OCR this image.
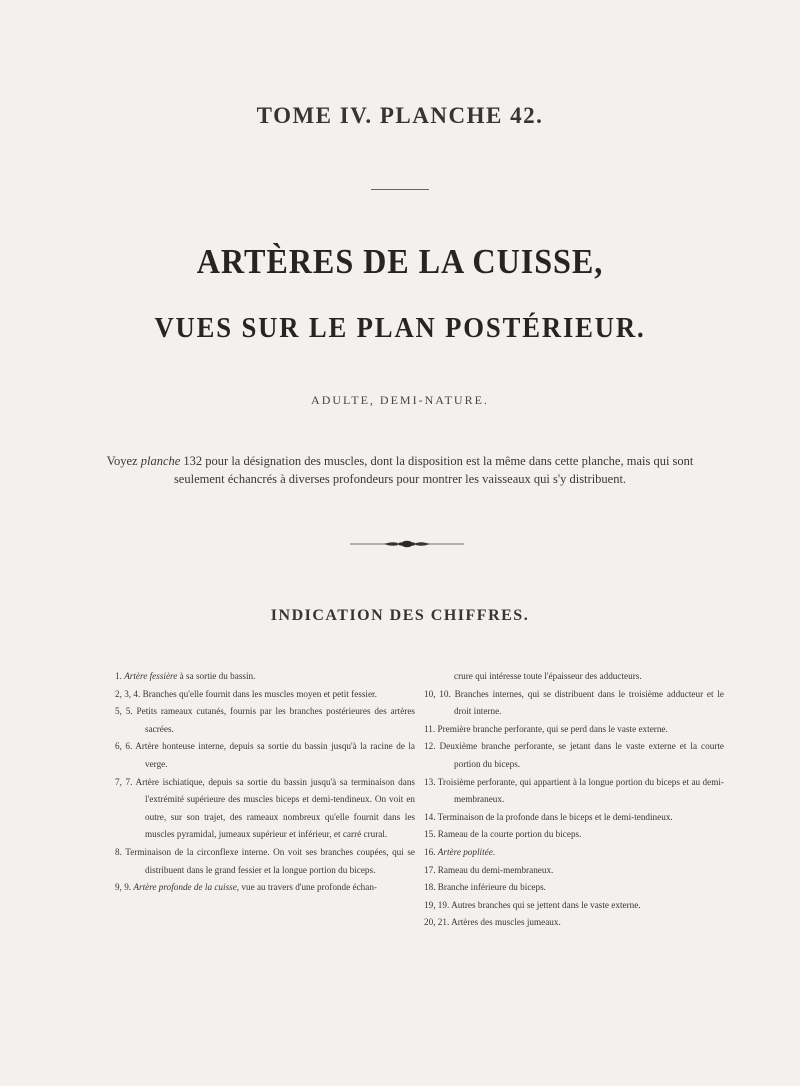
TOME IV. PLANCHE 42.
ARTÈRES DE LA CUISSE,
VUES SUR LE PLAN POSTÉRIEUR.
ADULTE, DEMI-NATURE.
Voyez planche 132 pour la désignation des muscles, dont la disposition est la même dans cette planche, mais qui sont
seulement échancrés à diverses profondeurs pour montrer les vaisseaux qui s'y distribuent.
INDICATION DES CHIFFRES.

1. Artère fessière à sa sortie du bassin.

2, 3, 4. Branches qu'elle fournit dans les muscles moyen et petit fessier.

5, 5. Petits rameaux cutanés, fournis par les branches postérieures des artères sacrées.

6, 6. Artère honteuse interne, depuis sa sortie du bassin jusqu'à la racine de la verge.

7, 7. Artère ischiatique, depuis sa sortie du bassin jusqu'à sa terminaison dans l'extrémité supérieure des muscles biceps et demi-tendineux. On voit en outre, sur son trajet, des rameaux nombreux qu'elle fournit dans les muscles pyramidal, jumeaux supérieur et inférieur, et carré crural.

8. Terminaison de la circonflexe interne. On voit ses branches coupées, qui se distribuent dans le grand fessier et la longue portion du biceps.

9, 9. Artère profonde de la cuisse, vue au travers d'une profonde échan-

crure qui intéresse toute l'épaisseur des adducteurs.

10, 10. Branches internes, qui se distribuent dans le troisième adducteur et le droit interne.

11. Première branche perforante, qui se perd dans le vaste externe.

12. Deuxième branche perforante, se jetant dans le vaste externe et la courte portion du biceps.

13. Troisième perforante, qui appartient à la longue portion du biceps et au demi-membraneux.

14. Terminaison de la profonde dans le biceps et le demi-tendineux.

15. Rameau de la courte portion du biceps.

16. Artère poplitée.

17. Rameau du demi-membraneux.

18. Branche inférieure du biceps.

19, 19. Autres branches qui se jettent dans le vaste externe.

20, 21. Artères des muscles jumeaux.
